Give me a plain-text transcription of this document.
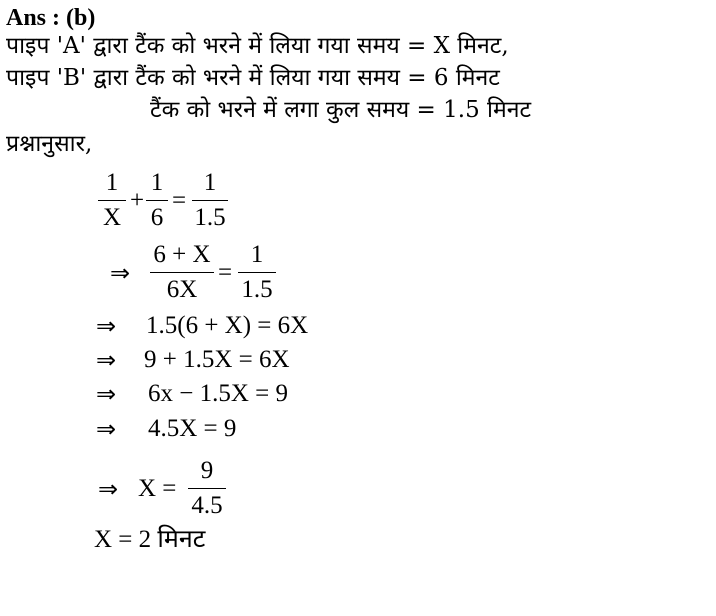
Ans : (b)
पाइप 'A' द्वारा टैंक को भरने में लिया गया समय = X मिनट,
पाइप 'B' द्वारा टैंक को भरने में लिया गया समय = 6 मिनट
टैंक को भरने में लगा कुल समय = 1.5 मिनट
प्रश्नानुसार,
1
X
+
1
6
=
1
1.5
⇒
6 + X
6X
=
1
1.5
⇒ 1.5(6 + X) = 6X
⇒ 9 + 1.5X = 6X
⇒ 6x − 1.5X = 9
⇒ 4.5X = 9
⇒ X =
9
4.5
X = 2 मिनट
